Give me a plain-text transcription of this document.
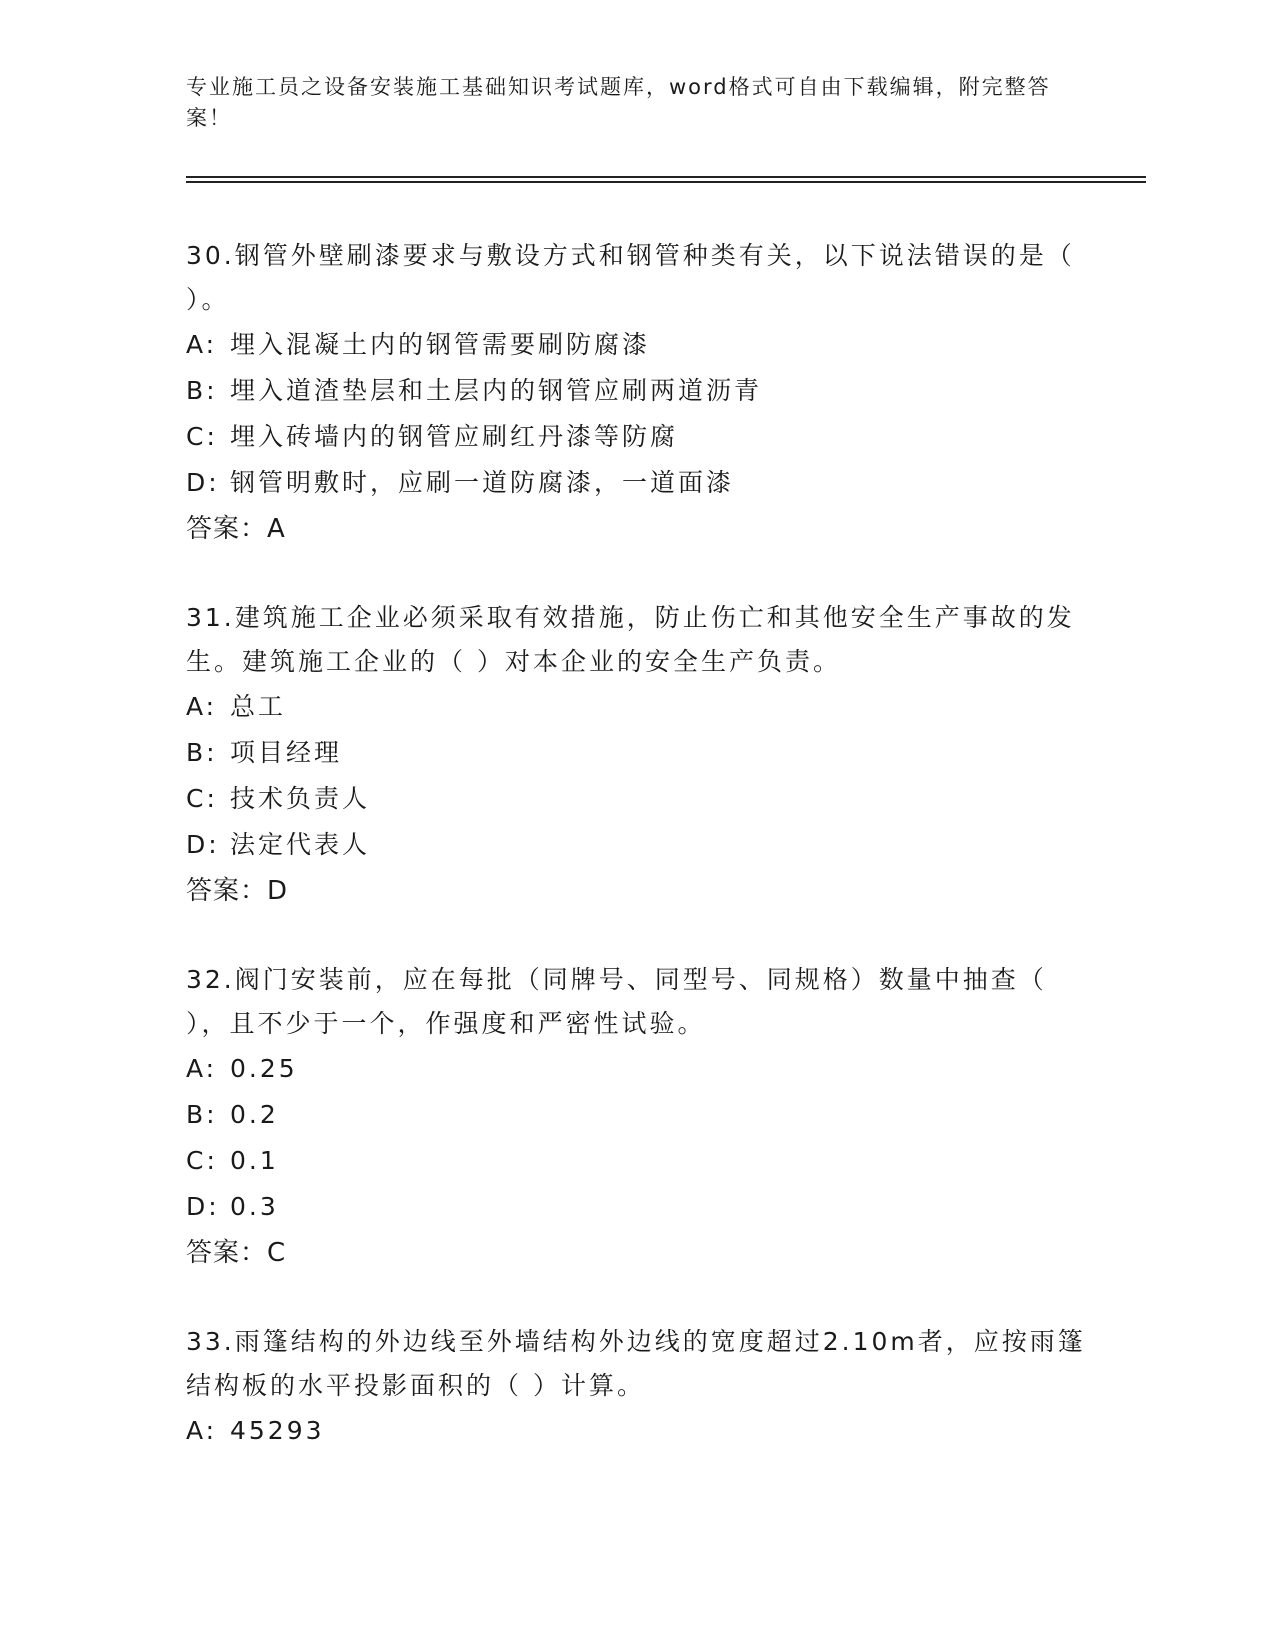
专业施工员之设备安装施工基础知识考试题库，word格式可自由下载编辑，附完整答案！

30.钢管外壁刷漆要求与敷设方式和钢管种类有关，以下说法错误的是（ ）。

A: 埋入混凝土内的钢管需要刷防腐漆

B: 埋入道渣垫层和土层内的钢管应刷两道沥青

C: 埋入砖墙内的钢管应刷红丹漆等防腐

D: 钢管明敷时，应刷一道防腐漆，一道面漆

答案：A

31.建筑施工企业必须采取有效措施，防止伤亡和其他安全生产事故的发生。建筑施工企业的（ ）对本企业的安全生产负责。

A: 总工

B: 项目经理

C: 技术负责人

D: 法定代表人

答案：D

32.阀门安装前，应在每批（同牌号、同型号、同规格）数量中抽查（ ），且不少于一个，作强度和严密性试验。

A: 0.25

B: 0.2

C: 0.1

D: 0.3

答案：C

33.雨篷结构的外边线至外墙结构外边线的宽度超过2.10m者，应按雨篷结构板的水平投影面积的（ ）计算。

A: 45293
